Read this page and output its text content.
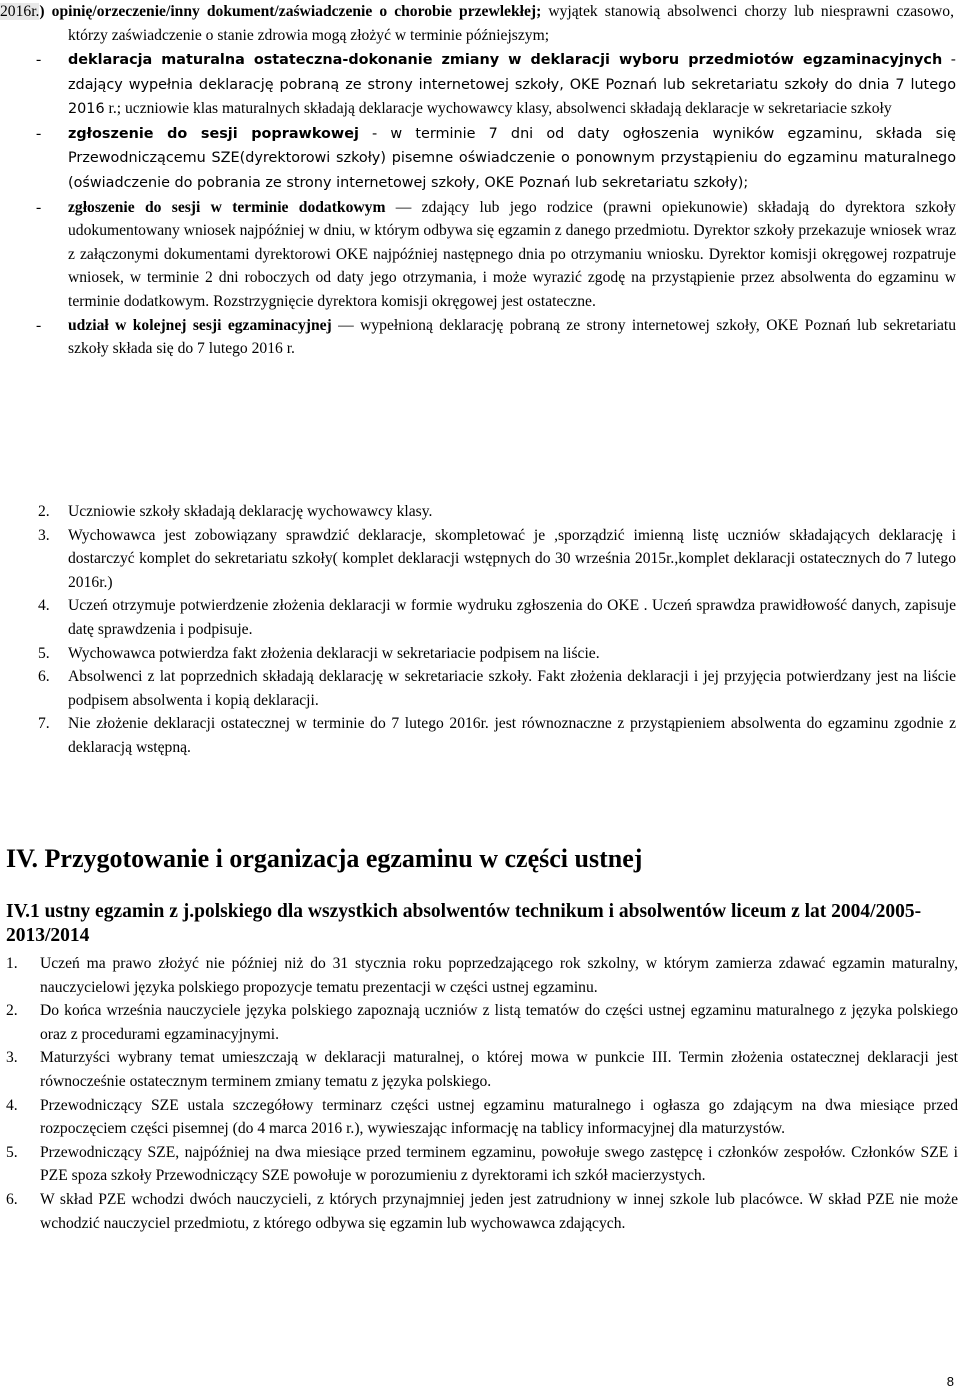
2016r.) opinię/orzeczenie/inny dokument/zaświadczenie o chorobie przewlekłej; wyjątek stanowią absolwenci chorzy lub niesprawni czasowo, którzy zaświadczenie o stanie zdrowia mogą złożyć w terminie późniejszym;

- deklaracja maturalna ostateczna-dokonanie zmiany w deklaracji wyboru przedmiotów egzaminacyjnych - zdający wypełnia deklarację pobraną ze strony internetowej szkoły, OKE Poznań lub sekretariatu szkoły do dnia 7 lutego 2016 r.; uczniowie klas maturalnych składają deklaracje wychowawcy klasy, absolwenci składają deklaracje w sekretariacie szkoły

- zgłoszenie do sesji poprawkowej - w terminie 7 dni od daty ogłoszenia wyników egzaminu, składa się Przewodniczącemu SZE(dyrektorowi szkoły) pisemne oświadczenie o ponownym przystąpieniu do egzaminu maturalnego (oświadczenie do pobrania ze strony internetowej szkoły, OKE Poznań lub sekretariatu szkoły);

- zgłoszenie do sesji w terminie dodatkowym — zdający lub jego rodzice (prawni opiekunowie) składają do dyrektora szkoły udokumentowany wniosek najpóźniej w dniu, w którym odbywa się egzamin z danego przedmiotu. Dyrektor szkoły przekazuje wniosek wraz z załączonymi dokumentami dyrektorowi OKE najpóźniej następnego dnia po otrzymaniu wniosku. Dyrektor komisji okręgowej rozpatruje wniosek, w terminie 2 dni roboczych od daty jego otrzymania, i może wyrazić zgodę na przystąpienie przez absolwenta do egzaminu w terminie dodatkowym. Rozstrzygnięcie dyrektora komisji okręgowej jest ostateczne.

- udział w kolejnej sesji egzaminacyjnej — wypełnioną deklarację pobraną ze strony internetowej szkoły, OKE Poznań lub sekretariatu szkoły składa się do 7 lutego 2016 r.

2. Uczniowie szkoły składają deklarację wychowawcy klasy.

3. Wychowawca jest zobowiązany sprawdzić deklaracje, skompletować je ,sporządzić imienną listę uczniów składających deklarację i dostarczyć komplet do sekretariatu szkoły( komplet deklaracji wstępnych do 30 września 2015r.,komplet deklaracji ostatecznych do 7 lutego 2016r.)

4. Uczeń otrzymuje potwierdzenie złożenia deklaracji w formie wydruku zgłoszenia do OKE . Uczeń sprawdza prawidłowość danych, zapisuje datę sprawdzenia i podpisuje.

5. Wychowawca potwierdza fakt złożenia deklaracji w sekretariacie podpisem na liście.

6. Absolwenci z lat poprzednich składają deklarację w sekretariacie szkoły. Fakt złożenia deklaracji i jej przyjęcia potwierdzany jest na liście podpisem absolwenta i kopią deklaracji.

7. Nie złożenie deklaracji ostatecznej w terminie do 7 lutego 2016r. jest równoznaczne z przystąpieniem absolwenta do egzaminu zgodnie z deklaracją wstępną.

IV. Przygotowanie i organizacja egzaminu w części ustnej

IV.1 ustny egzamin z j.polskiego dla wszystkich absolwentów technikum i absolwentów liceum z lat 2004/2005-2013/2014

1. Uczeń ma prawo złożyć nie później niż do 31 stycznia roku poprzedzającego rok szkolny, w którym zamierza zdawać egzamin maturalny, nauczycielowi języka polskiego propozycje tematu prezentacji w części ustnej egzaminu.

2. Do końca września nauczyciele języka polskiego zapoznają uczniów z listą tematów do części ustnej egzaminu maturalnego z języka polskiego oraz z procedurami egzaminacyjnymi.

3. Maturzyści wybrany temat umieszczają w deklaracji maturalnej, o której mowa w punkcie III. Termin złożenia ostatecznej deklaracji jest równocześnie ostatecznym terminem zmiany tematu z języka polskiego.

4. Przewodniczący SZE ustala szczegółowy terminarz części ustnej egzaminu maturalnego i ogłasza go zdającym na dwa miesiące przed rozpoczęciem części pisemnej (do 4 marca 2016 r.), wywieszając informację na tablicy informacyjnej dla maturzystów.

5. Przewodniczący SZE, najpóźniej na dwa miesiące przed terminem egzaminu, powołuje swego zastępcę i członków zespołów. Członków SZE i PZE spoza szkoły Przewodniczący SZE powołuje w porozumieniu z dyrektorami ich szkół macierzystych.

6. W skład PZE wchodzi dwóch nauczycieli, z których przynajmniej jeden jest zatrudniony w innej szkole lub placówce. W skład PZE nie może wchodzić nauczyciel przedmiotu, z którego odbywa się egzamin lub wychowawca zdających.

8
